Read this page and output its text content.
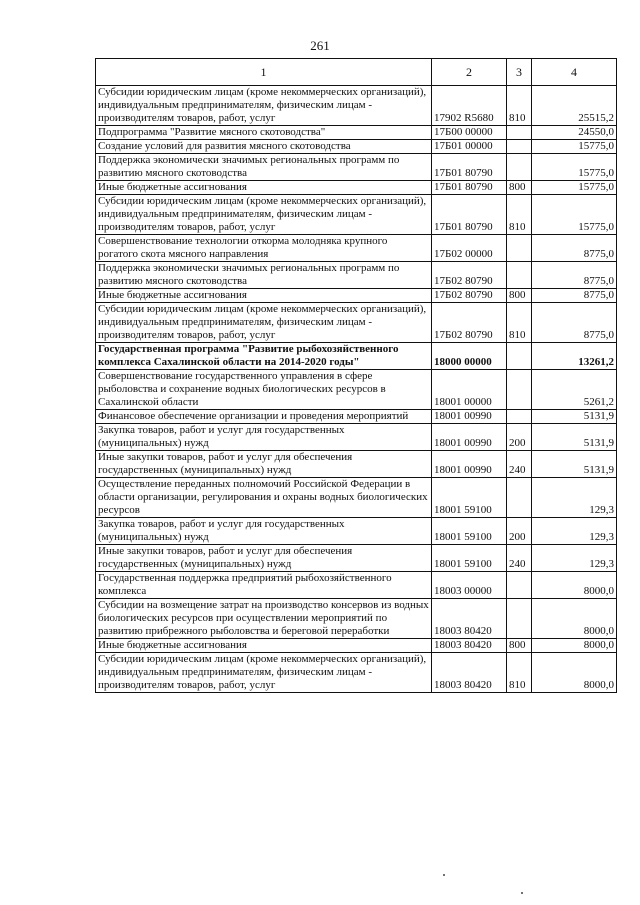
261
1	2	3	4
Субсидии юридическим лицам (кроме некоммерческих организаций), индивидуальным предпринимателям, физическим лицам - производителям товаров, работ, услуг	17902 R5680	810	25515,2
Подпрограмма "Развитие мясного скотоводства"	17Б00 00000		24550,0
Создание условий для развития мясного скотоводства	17Б01 00000		15775,0
Поддержка экономически значимых региональных программ по развитию мясного скотоводства	17Б01 80790		15775,0
Иные бюджетные ассигнования	17Б01 80790	800	15775,0
Субсидии юридическим лицам (кроме некоммерческих организаций), индивидуальным предпринимателям, физическим лицам - производителям товаров, работ, услуг	17Б01 80790	810	15775,0
Совершенствование технологии откорма молодняка крупного рогатого скота мясного направления	17Б02 00000		8775,0
Поддержка экономически значимых региональных программ по развитию мясного скотоводства	17Б02 80790		8775,0
Иные бюджетные ассигнования	17Б02 80790	800	8775,0
Субсидии юридическим лицам (кроме некоммерческих организаций), индивидуальным предпринимателям, физическим лицам - производителям товаров, работ, услуг	17Б02 80790	810	8775,0
Государственная программа "Развитие рыбохозяйственного комплекса Сахалинской области на 2014-2020 годы"	18000 00000		13261,2
Совершенствование государственного управления в сфере рыболовства и сохранение водных биологических ресурсов в Сахалинской области	18001 00000		5261,2
Финансовое обеспечение организации и проведения мероприятий	18001 00990		5131,9
Закупка товаров, работ и услуг для государственных (муниципальных) нужд	18001 00990	200	5131,9
Иные закупки товаров, работ и услуг для обеспечения государственных (муниципальных) нужд	18001 00990	240	5131,9
Осуществление переданных полномочий Российской Федерации в области организации, регулирования и охраны водных биологических ресурсов	18001 59100		129,3
Закупка товаров, работ и услуг для государственных (муниципальных) нужд	18001 59100	200	129,3
Иные закупки товаров, работ и услуг для обеспечения государственных (муниципальных) нужд	18001 59100	240	129,3
Государственная поддержка предприятий рыбохозяйственного комплекса	18003 00000		8000,0
Субсидии на возмещение затрат на производство консервов из водных биологических ресурсов при осуществлении мероприятий по развитию прибрежного рыболовства и береговой переработки	18003 80420		8000,0
Иные бюджетные ассигнования	18003 80420	800	8000,0
Субсидии юридическим лицам (кроме некоммерческих организаций), индивидуальным предпринимателям, физическим лицам - производителям товаров, работ, услуг	18003 80420	810	8000,0
